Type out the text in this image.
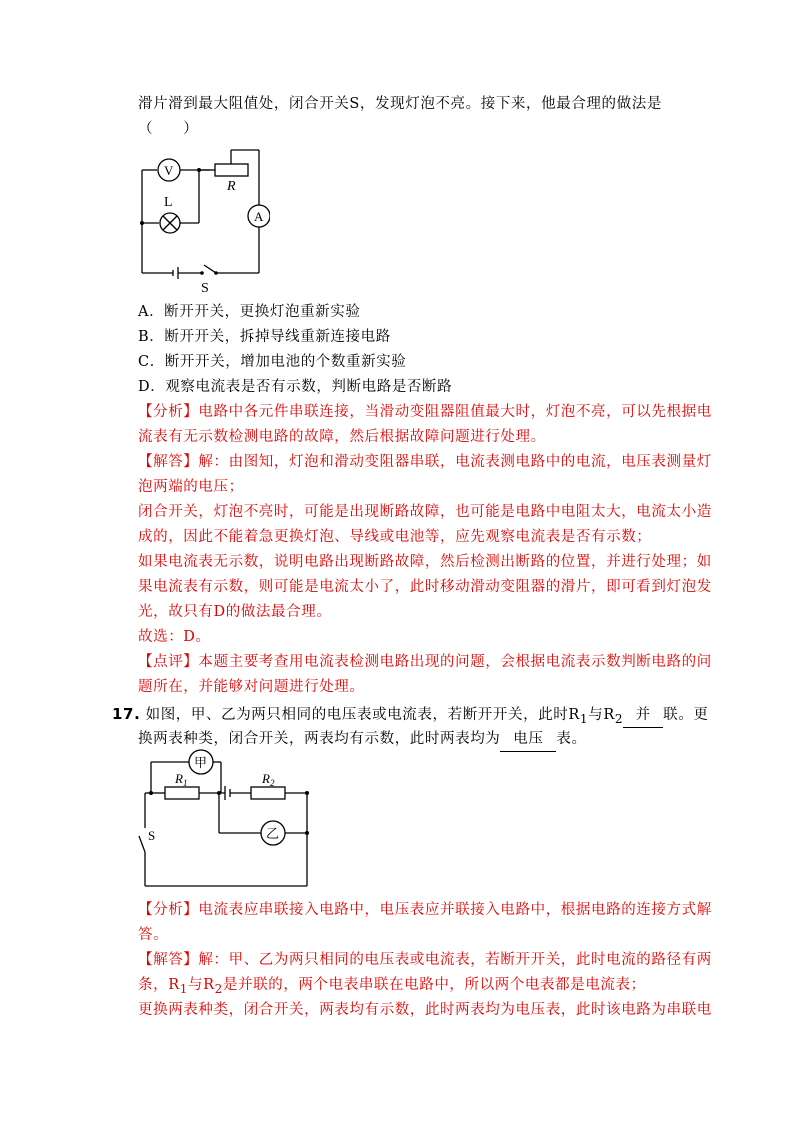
滑片滑到最大阻值处，闭合开关S，发现灯泡不亮。接下来，他最合理的做法是
（　　）
V
L
R
A
S
A．断开开关，更换灯泡重新实验
B．断开开关，拆掉导线重新连接电路
C．断开开关，增加电池的个数重新实验
D．观察电流表是否有示数，判断电路是否断路
【分析】电路中各元件串联连接，当滑动变阻器阻值最大时，灯泡不亮，可以先根据电
流表有无示数检测电路的故障，然后根据故障问题进行处理。
【解答】解：由图知，灯泡和滑动变阻器串联，电流表测电路中的电流，电压表测量灯
泡两端的电压；
闭合开关，灯泡不亮时，可能是出现断路故障，也可能是电路中电阻太大，电流太小造
成的，因此不能着急更换灯泡、导线或电池等，应先观察电流表是否有示数；
如果电流表无示数，说明电路出现断路故障，然后检测出断路的位置，并进行处理；如
果电流表有示数，则可能是电流太小了，此时移动滑动变阻器的滑片，即可看到灯泡发
光，故只有D的做法最合理。
故选：D。
【点评】本题主要考查用电流表检测电路出现的问题，会根据电流表示数判断电路的问
题所在，并能够对问题进行处理。
17. 如图，甲、乙为两只相同的电压表或电流表，若断开开关，此时$R_1$与$R_2$ 并 联。更
换两表种类，闭合开关，两表均有示数，此时两表均为 电压 表。
甲
乙
$R_1$	$R_2$
S
【分析】电流表应串联接入电路中，电压表应并联接入电路中，根据电路的连接方式解
答。
【解答】解：甲、乙为两只相同的电压表或电流表，若断开开关，此时电流的路径有两
条，$R_1$与$R_2$是并联的，两个电表串联在电路中，所以两个电表都是电流表；
更换两表种类，闭合开关，两表均有示数，此时两表均为电压表，此时该电路为串联电
